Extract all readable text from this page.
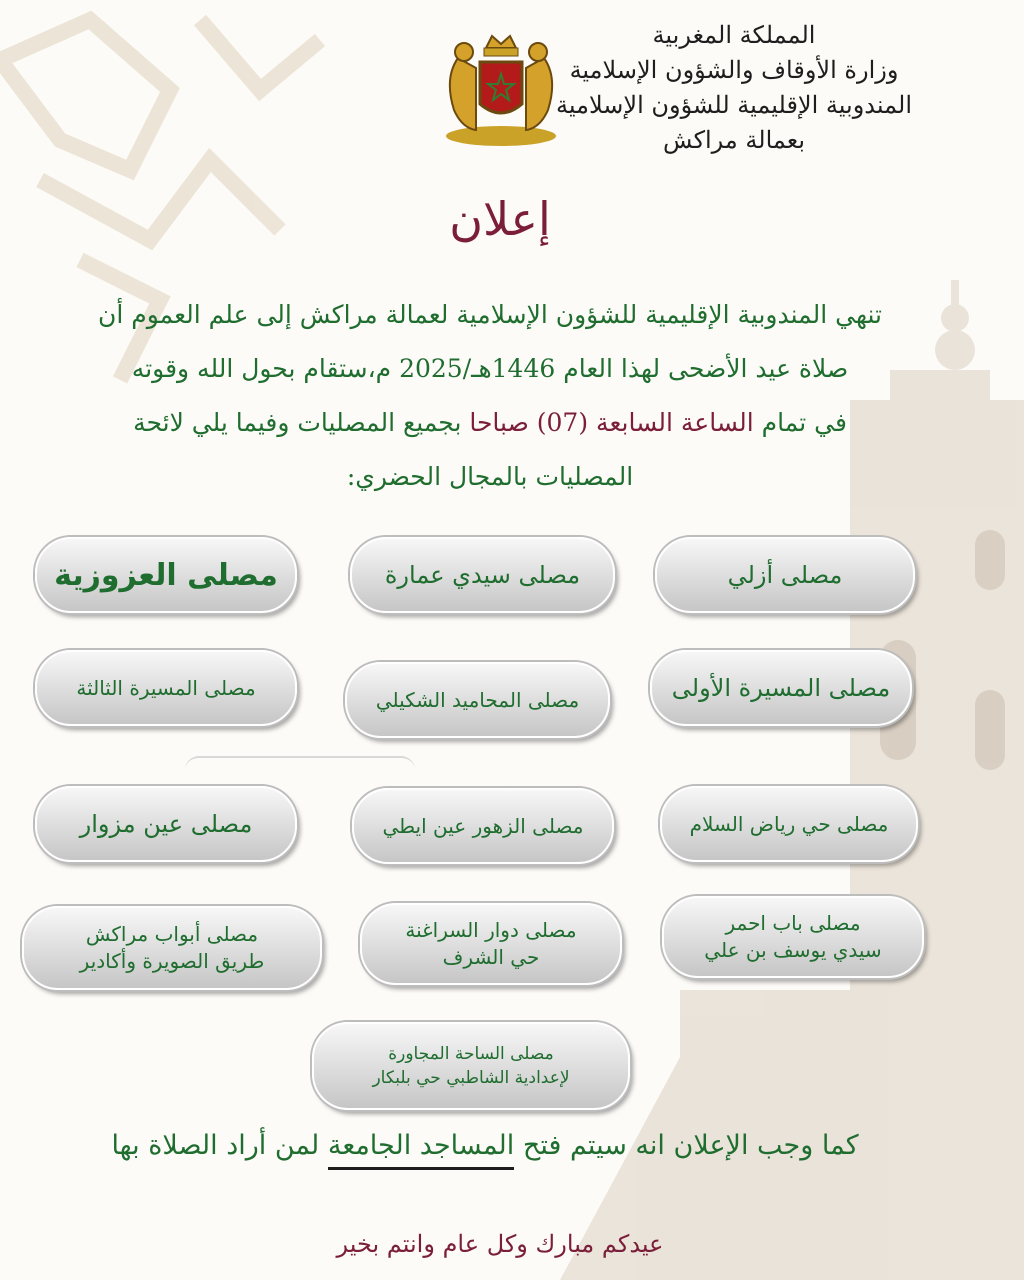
المملكة المغربية
وزارة الأوقاف والشؤون الإسلامية
المندوبية الإقليمية للشؤون الإسلامية
بعمالة مراكش
إعلان
تنهي المندوبية الإقليمية للشؤون الإسلامية لعمالة مراكش إلى علم العموم أن
صلاة عيد الأضحى لهذا العام 1446هـ/2025 م،ستقام بحول الله وقوته
في تمام الساعة السابعة (07) صباحا بجميع المصليات وفيما يلي لائحة
المصليات بالمجال الحضري:
مصلى أزلي
مصلى سيدي عمارة
مصلى العزوزية
مصلى المسيرة الأولى
مصلى المحاميد الشكيلي
مصلى المسيرة الثالثة
مصلى حي رياض السلام
مصلى الزهور عين ايطي
مصلى عين مزوار
مصلى باب احمر
سيدي يوسف بن علي
مصلى دوار السراغنة
حي الشرف
مصلى أبواب مراكش
طريق الصويرة وأكادير
مصلى الساحة المجاورة
لإعدادية الشاطبي حي بلبكار
كما وجب الإعلان انه سيتم فتح المساجد الجامعة لمن أراد الصلاة بها
عيدكم مبارك وكل عام وانتم بخير
